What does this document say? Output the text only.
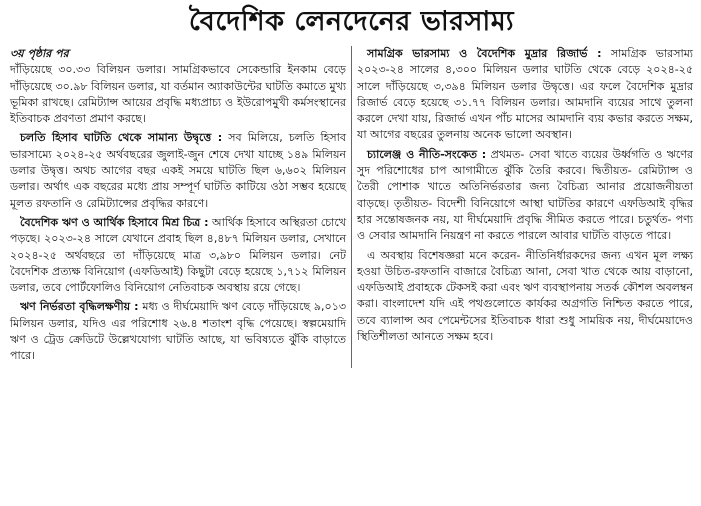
বৈদেশিক লেনদেনের ভারসাম্য
৩য় পৃষ্ঠার পর

দাঁড়িয়েছে ৩০.৩৩ বিলিয়ন ডলার। সামগ্রিকভাবে সেকেন্ডারি ইনকাম বেড়ে দাঁড়িয়েছে ৩০.৯৮ বিলিয়ন ডলার, যা বর্তমান অ্যাকাউন্টের ঘাটতি কমাতে মুখ্য ভূমিকা রাখছে। রেমিট্যান্স আয়ের প্রবৃদ্ধি মধ্যপ্রাচ্য ও ইউরোপমুখী কর্মসংস্থানের ইতিবাচক প্রবণতা প্রমাণ করছে।

চলতি হিসাব ঘাটতি থেকে সামান্য উদ্বৃত্তে : সব মিলিয়ে, চলতি হিসাব ভারসাম্যে ২০২৪-২৫ অর্থবছরের জুলাই-জুন শেষে দেখা যাচ্ছে ১৪৯ মিলিয়ন ডলার উদ্বৃত্ত। অথচ আগের বছর একই সময়ে ঘাটতি ছিল ৬,৬০২ মিলিয়ন ডলার। অর্থাৎ এক বছরের মধ্যে প্রায় সম্পূর্ণ ঘাটতি কাটিয়ে ওঠা সম্ভব হয়েছে মূলত রফতানি ও রেমিট্যান্সের প্রবৃদ্ধির কারণে।

বৈদেশিক ঋণ ও আর্থিক হিসাবে মিশ্র চিত্র : আর্থিক হিসাবে অস্থিরতা চোখে পড়ছে। ২০২৩-২৪ সালে যেখানে প্রবাহ ছিল ৪,৪৮৭ মিলিয়ন ডলার, সেখানে ২০২৪-২৫ অর্থবছরে তা দাঁড়িয়েছে মাত্র ৩,৯৮০ মিলিয়ন ডলার। নেট বৈদেশিক প্রত্যক্ষ বিনিয়োগ (এফডিআই) কিছুটা বেড়ে হয়েছে ১,৭১২ মিলিয়ন ডলার, তবে পোর্টফোলিও বিনিয়োগ নেতিবাচক অবস্থায় রয়ে গেছে।

ঋণ নির্ভরতা বৃদ্ধিলক্ষণীয় : মধ্য ও দীর্ঘমেয়াদি ঋণ বেড়ে দাঁড়িয়েছে ৯,০১৩ মিলিয়ন ডলার, যদিও এর পরিশোধ ২৬.৪ শতাংশ বৃদ্ধি পেয়েছে। স্বল্পমেয়াদি ঋণ ও ট্রেড ক্রেডিটে উল্লেখযোগ্য ঘাটতি আছে, যা ভবিষ্যতে ঝুঁকি বাড়াতে পারে।

সামগ্রিক ভারসাম্য ও বৈদেশিক মুদ্রার রিজার্ভ : সামগ্রিক ভারসাম্য ২০২৩-২৪ সালের ৪,৩০০ মিলিয়ন ডলার ঘাটতি থেকে বেড়ে ২০২৪-২৫ সালে দাঁড়িয়েছে ৩,৩৯৪ মিলিয়ন ডলার উদ্বৃত্তে। এর ফলে বৈদেশিক মুদ্রার রিজার্ভ বেড়ে হয়েছে ৩১.৭৭ বিলিয়ন ডলার। আমদানি ব্যয়ের সাথে তুলনা করলে দেখা যায়, রিজার্ভ এখন পাঁচ মাসের আমদানি ব্যয় কভার করতে সক্ষম, যা আগের বছরের তুলনায় অনেক ভালো অবস্থান।

চ্যালেঞ্জ ও নীতি-সংকেত : প্রথমত- সেবা খাতে ব্যয়ের উর্ধ্বগতি ও ঋণের সুদ পরিশোধের চাপ আগামীতে ঝুঁকি তৈরি করবে। দ্বিতীয়ত- রেমিট্যান্স ও তৈরী পোশাক খাতে অতিনির্ভরতার জন্য বৈচিত্র্য আনার প্রয়োজনীয়তা বাড়ছে। তৃতীয়ত- বিদেশী বিনিয়োগে আস্থা ঘাটতির কারণে এফডিআই বৃদ্ধির হার সন্তোষজনক নয়, যা দীর্ঘমেয়াদি প্রবৃদ্ধি সীমিত করতে পারে। চতুর্থত- পণ্য ও সেবার আমদানি নিয়ন্ত্রণ না করতে পারলে আবার ঘাটতি বাড়তে পারে।

এ অবস্থায় বিশেষজ্ঞরা মনে করেন- নীতিনির্ধারকদের জন্য এখন মূল লক্ষ্য হওয়া উচিত-রফতানি বাজারে বৈচিত্র্য আনা, সেবা খাত থেকে আয় বাড়ানো, এফডিআই প্রবাহকে টেকসই করা এবং ঋণ ব্যবস্থাপনায় সতর্ক কৌশল অবলম্বন করা। বাংলাদেশ যদি এই পথগুলোতে কার্যকর অগ্রগতি নিশ্চিত করতে পারে, তবে ব্যালান্স অব পেমেন্টসের ইতিবাচক ধারা শুধু সাময়িক নয়, দীর্ঘমেয়াদেও স্থিতিশীলতা আনতে সক্ষম হবে।
